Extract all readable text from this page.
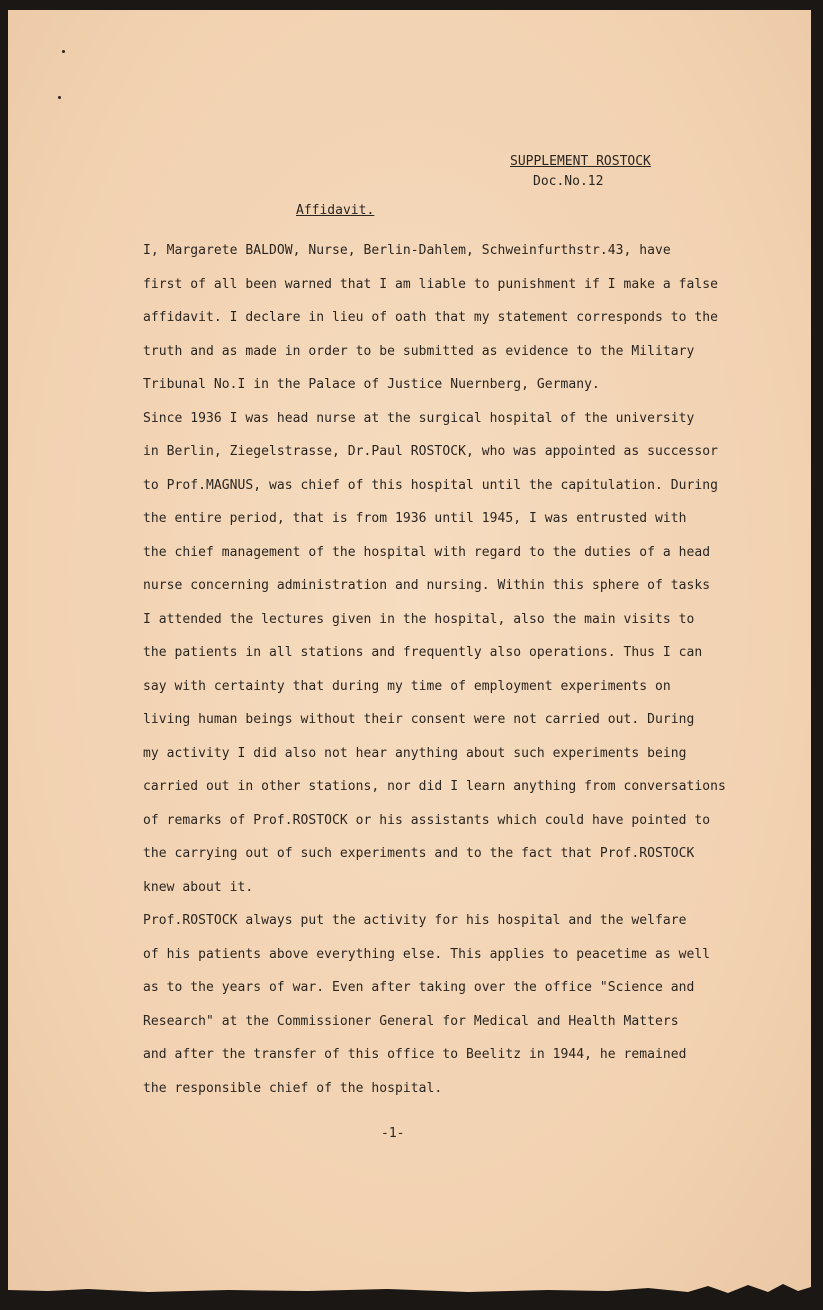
SUPPLEMENT ROSTOCK
Doc.No.12
Affidavit.
I, Margarete BALDOW, Nurse, Berlin-Dahlem, Schweinfurthstr.43, have
first of all been warned that I am liable to punishment if I make a false
affidavit. I declare in lieu of oath that my statement corresponds to the
truth and as made in order to be submitted as evidence to the Military
Tribunal No.I in the Palace of Justice Nuernberg, Germany.
Since 1936 I was head nurse at the surgical hospital of the university
in Berlin, Ziegelstrasse, Dr.Paul ROSTOCK, who was appointed as successor
to Prof.MAGNUS, was chief of this hospital until the capitulation. During
the entire period, that is from 1936 until 1945, I was entrusted with
the chief management of the hospital with regard to the duties of a head
nurse concerning administration and nursing. Within this sphere of tasks
I attended the lectures given in the hospital, also the main visits to
the patients in all stations and frequently also operations. Thus I can
say with certainty that during my time of employment experiments on
living human beings without their consent were not carried out. During
my activity I did also not hear anything about such experiments being
carried out in other stations, nor did I learn anything from conversations
of remarks of Prof.ROSTOCK or his assistants which could have pointed to
the carrying out of such experiments and to the fact that Prof.ROSTOCK
knew about it.
Prof.ROSTOCK always put the activity for his hospital and the welfare
of his patients above everything else. This applies to peacetime as well
as to the years of war. Even after taking over the office "Science and
Research" at the Commissioner General for Medical and Health Matters
and after the transfer of this office to Beelitz in 1944, he remained
the responsible chief of the hospital.
-1-
